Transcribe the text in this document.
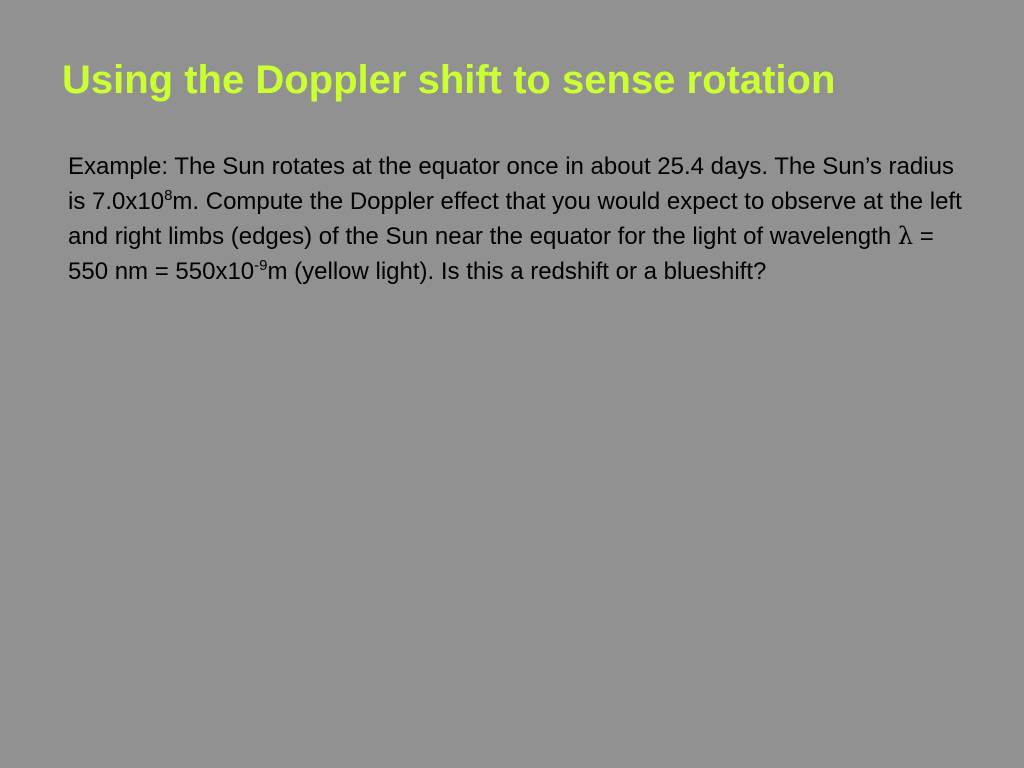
Using the Doppler shift to sense rotation

Example: The Sun rotates at the equator once in about 25.4 days. The Sun’s radius is $7.0x10^8m$. Compute the Doppler effect that you would expect to observe at the left and right limbs (edges) of the Sun near the equator for the light of wavelength λ = 550 nm = $550x10^{-9}m$ (yellow light). Is this a redshift or a blueshift?
